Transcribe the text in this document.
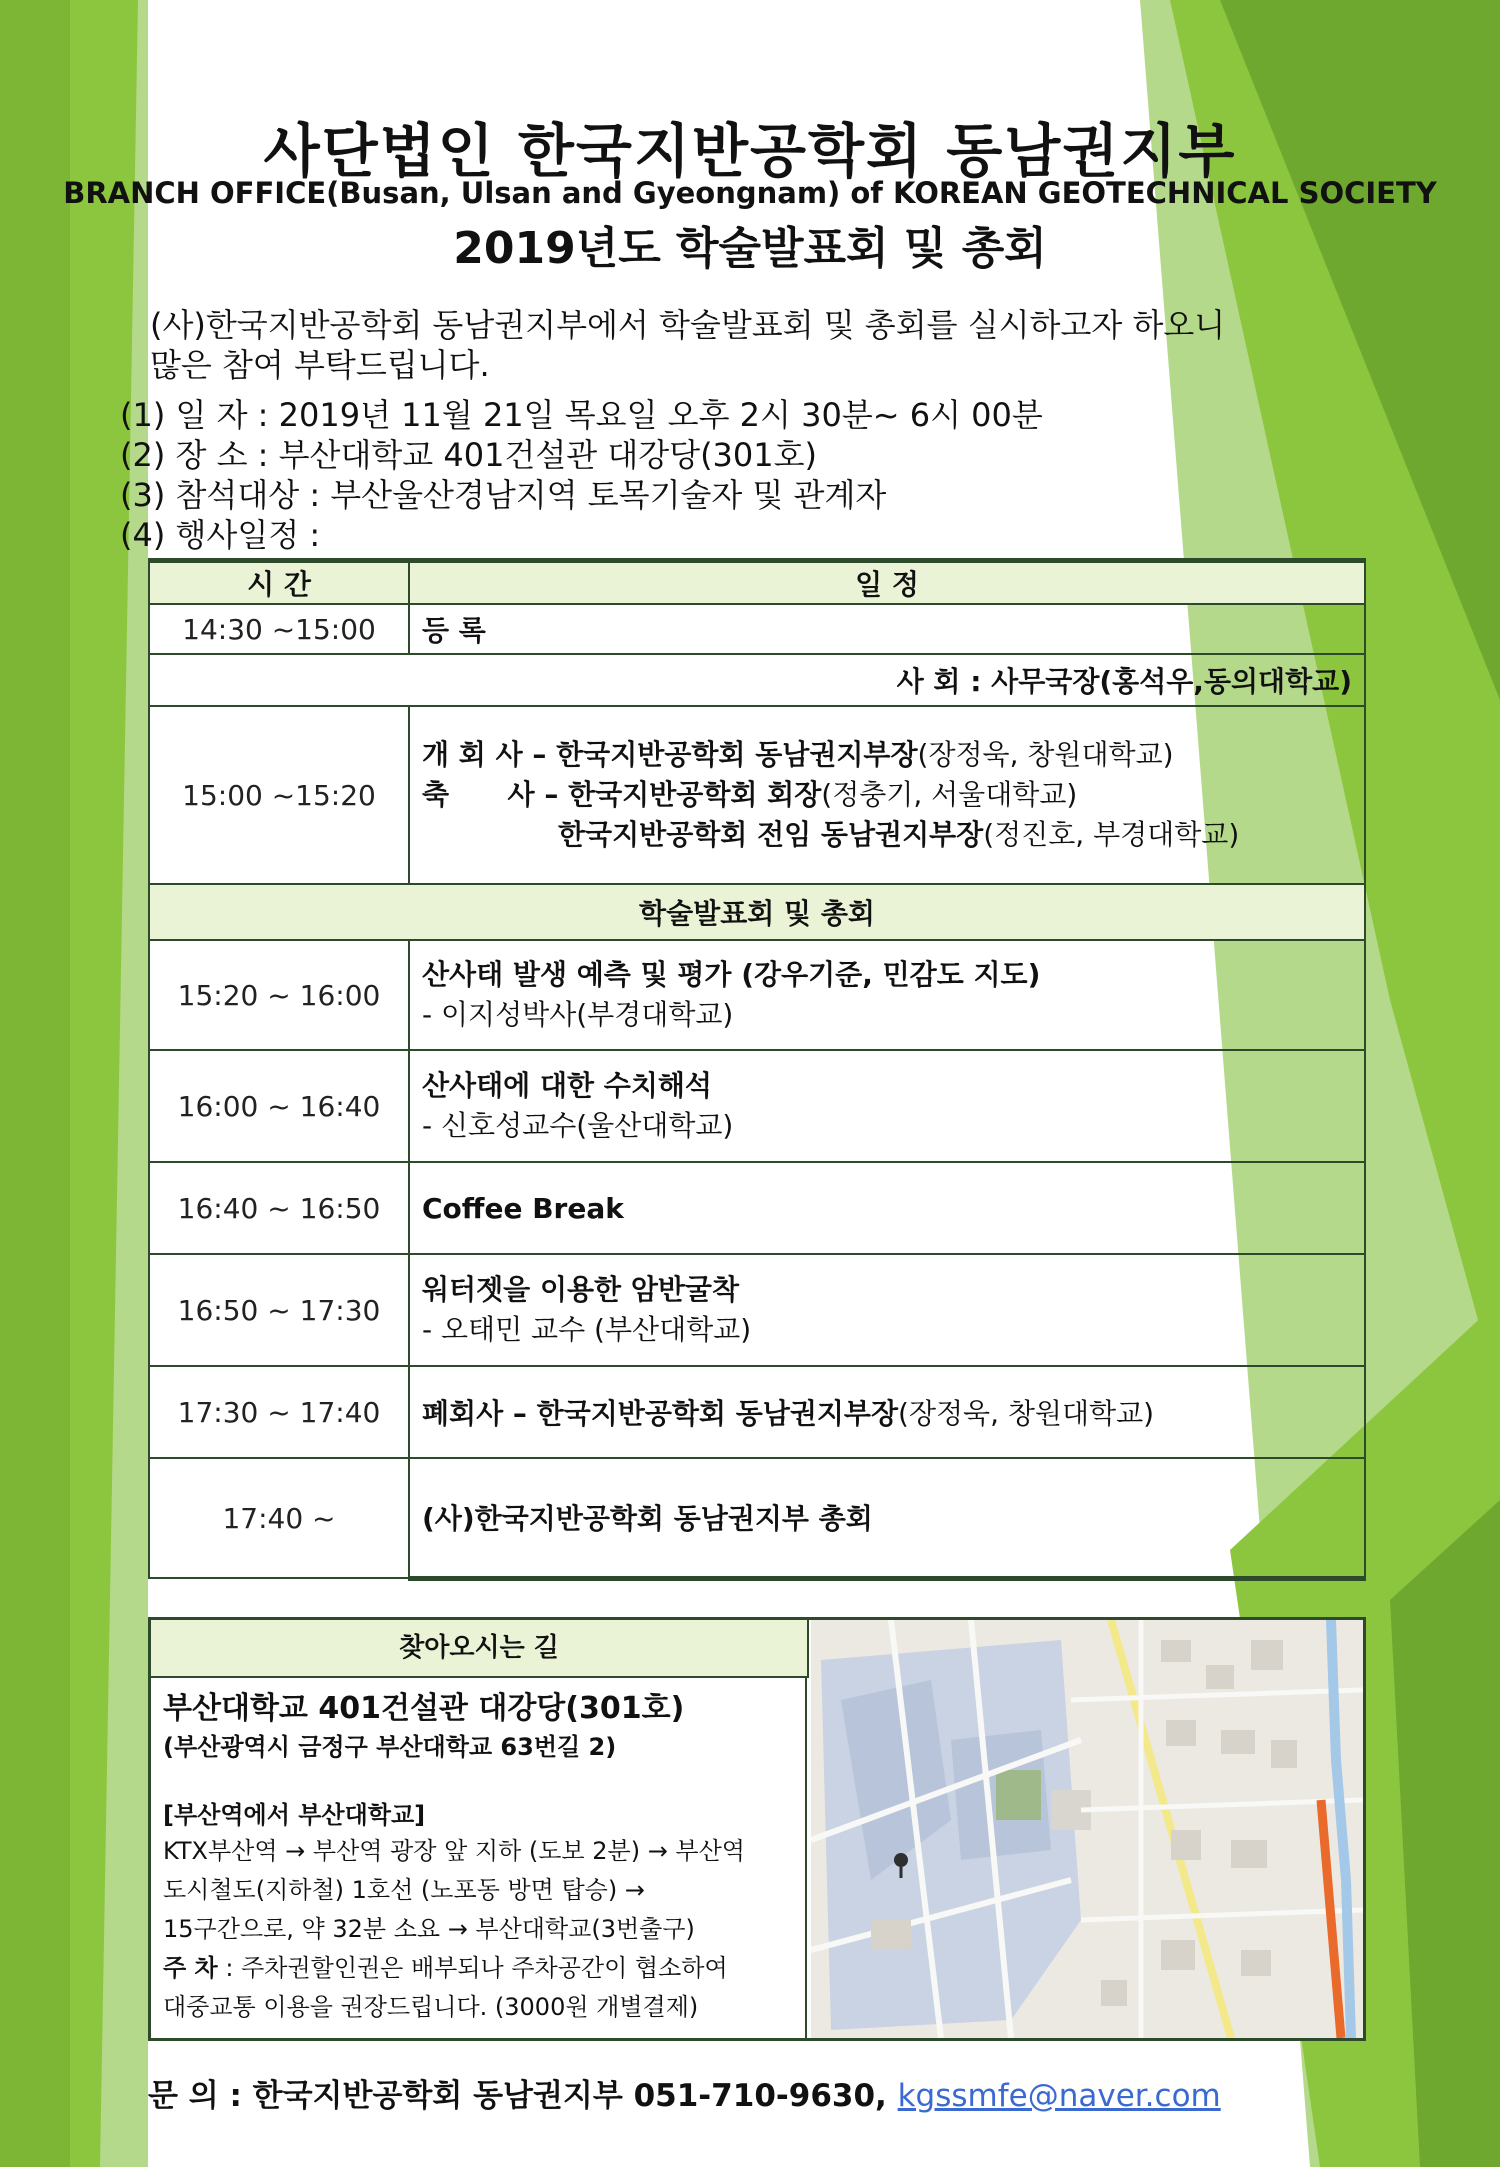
사단법인 한국지반공학회 동남권지부
BRANCH OFFICE(Busan, Ulsan and Gyeongnam) of KOREAN GEOTECHNICAL SOCIETY
2019년도 학술발표회 및 총회
(사)한국지반공학회 동남권지부에서 학술발표회 및 총회를 실시하고자 하오니
많은 참여 부탁드립니다.
(1) 일 자 : 2019년 11월 21일 목요일 오후 2시 30분~ 6시 00분
(2) 장 소 : 부산대학교 401건설관 대강당(301호)
(3) 참석대상 : 부산울산경남지역 토목기술자 및 관계자
(4) 행사일정 :
시 간	일 정
14:30 ~15:00	등 록
사 회 : 사무국장(홍석우,동의대학교)	
15:00 ~15:20	개 회 사 – 한국지반공학회 동남권지부장(장정욱, 창원대학교)
축      사 – 한국지반공학회 회장(정충기, 서울대학교)
한국지반공학회 전임 동남권지부장(정진호, 부경대학교)

학술발표회 및 총회	
15:20 ~ 16:00	산사태 발생 예측 및 평가 (강우기준, 민감도 지도)
- 이지성박사(부경대학교)

16:00 ~ 16:40	산사태에 대한 수치해석
- 신호성교수(울산대학교)

16:40 ~ 16:50	Coffee Break
16:50 ~ 17:30	워터젯을 이용한 암반굴착
- 오태민 교수 (부산대학교)

17:30 ~ 17:40	폐회사 – 한국지반공학회 동남권지부장(장정욱, 창원대학교)
17:40 ~	(사)한국지반공학회 동남권지부 총회
찾아오시는 길
부산대학교 401건설관 대강당(301호)
(부산광역시 금정구 부산대학교 63번길 2)
[부산역에서 부산대학교]
KTX부산역 → 부산역 광장 앞 지하 (도보 2분) → 부산역
도시철도(지하철) 1호선 (노포동 방면 탑승) →
15구간으로, 약 32분 소요 → 부산대학교(3번출구)
주 차 : 주차권할인권은 배부되나 주차공간이 협소하여
대중교통 이용을 권장드립니다. (3000원 개별결제)
문 의 : 한국지반공학회 동남권지부 051-710-9630, kgssmfe@naver.com
